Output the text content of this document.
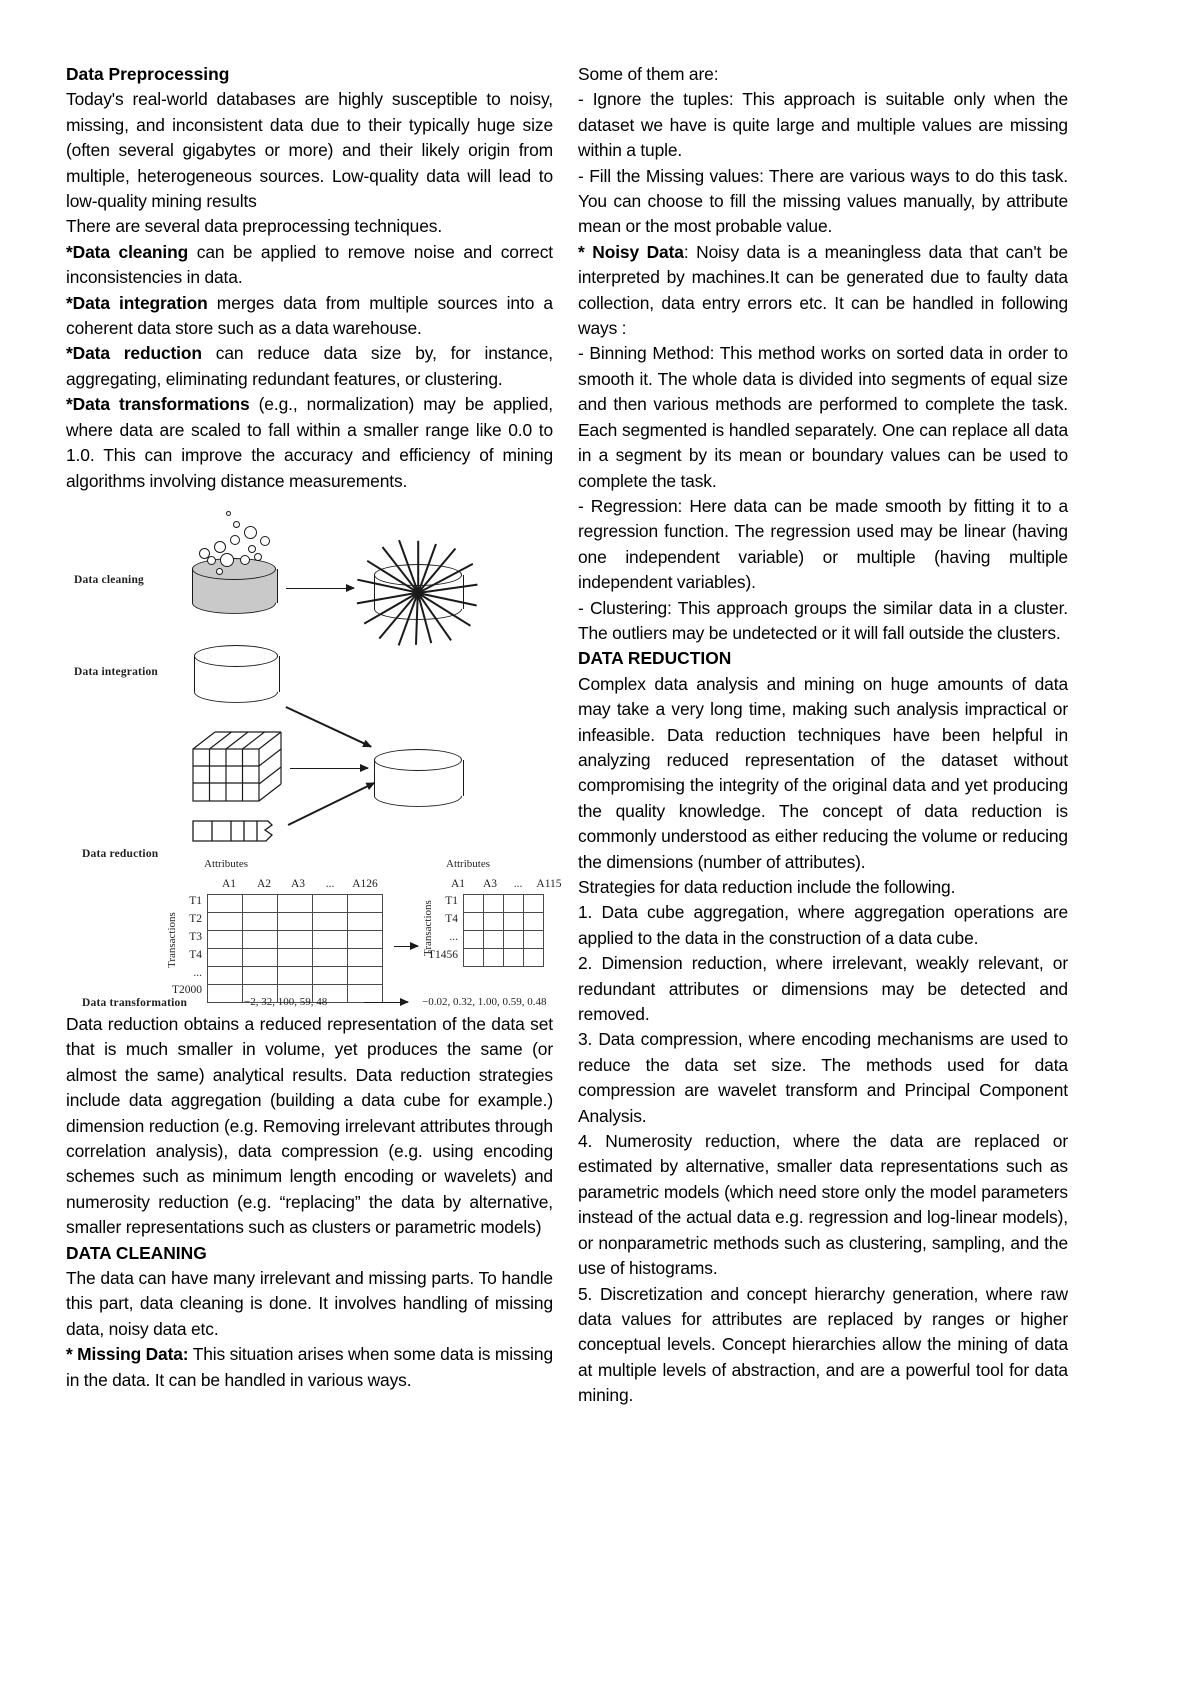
Data Preprocessing

Today's real-world databases are highly susceptible to noisy, missing, and inconsistent data due to their typically huge size (often several gigabytes or more) and their likely origin from multiple, heterogeneous sources. Low-quality data will lead to low-quality mining results

There are several data preprocessing techniques.

*Data cleaning can be applied to remove noise and correct inconsistencies in data.

*Data integration merges data from multiple sources into a coherent data store such as a data warehouse.

*Data reduction can reduce data size by, for instance, aggregating, eliminating redundant features, or clustering.

*Data transformations (e.g., normalization) may be applied, where data are scaled to fall within a smaller range like 0.0 to 1.0. This can improve the accuracy and efficiency of mining algorithms involving distance measurements.

Data cleaning
Data integration
Data reduction
Attributes
A1	A2	A3	...	A126
Transactions
T1
T2
T3
T4
...
T2000

Attributes
A1	A3	...	A115
Transactions T1
T4
...
T1456

Data transformation	−2, 32, 100, 59, 48	−0.02, 0.32, 1.00, 0.59, 0.48

Data reduction obtains a reduced representation of the data set that is much smaller in volume, yet produces the same (or almost the same) analytical results. Data reduction strategies include data aggregation (building a data cube for example.) dimension reduction (e.g. Removing irrelevant attributes through correlation analysis), data compression (e.g. using encoding schemes such as minimum length encoding or wavelets) and numerosity reduction (e.g. “replacing” the data by alternative, smaller representations such as clusters or parametric models)

DATA CLEANING

The data can have many irrelevant and missing parts. To handle this part, data cleaning is done. It involves handling of missing data, noisy data etc.

* Missing Data: This situation arises when some data is missing in the data. It can be handled in various ways.

Some of them are:

- Ignore the tuples: This approach is suitable only when the dataset we have is quite large and multiple values are missing within a tuple.

- Fill the Missing values: There are various ways to do this task. You can choose to fill the missing values manually, by attribute mean or the most probable value.

* Noisy Data: Noisy data is a meaningless data that can't be interpreted by machines.It can be generated due to faulty data collection, data entry errors etc. It can be handled in following ways :

- Binning Method: This method works on sorted data in order to smooth it. The whole data is divided into segments of equal size and then various methods are performed to complete the task. Each segmented is handled separately. One can replace all data in a segment by its mean or boundary values can be used to complete the task.

- Regression: Here data can be made smooth by fitting it to a regression function. The regression used may be linear (having one independent variable) or multiple (having multiple independent variables).

- Clustering: This approach groups the similar data in a cluster. The outliers may be undetected or it will fall outside the clusters.

DATA REDUCTION

Complex data analysis and mining on huge amounts of data may take a very long time, making such analysis impractical or infeasible. Data reduction techniques have been helpful in analyzing reduced representation of the dataset without compromising the integrity of the original data and yet producing the quality knowledge. The concept of data reduction is commonly understood as either reducing the volume or reducing the dimensions (number of attributes).

Strategies for data reduction include the following.

1. Data cube aggregation, where aggregation operations are applied to the data in the construction of a data cube.

2. Dimension reduction, where irrelevant, weakly relevant, or redundant attributes or dimensions may be detected and removed.

3. Data compression, where encoding mechanisms are used to reduce the data set size. The methods used for data compression are wavelet transform and Principal Component Analysis.

4. Numerosity reduction, where the data are replaced or estimated by alternative, smaller data representations such as parametric models (which need store only the model parameters instead of the actual data e.g. regression and log-linear models), or nonparametric methods such as clustering, sampling, and the use of histograms.

5. Discretization and concept hierarchy generation, where raw data values for attributes are replaced by ranges or higher conceptual levels. Concept hierarchies allow the mining of data at multiple levels of abstraction, and are a powerful tool for data mining.
